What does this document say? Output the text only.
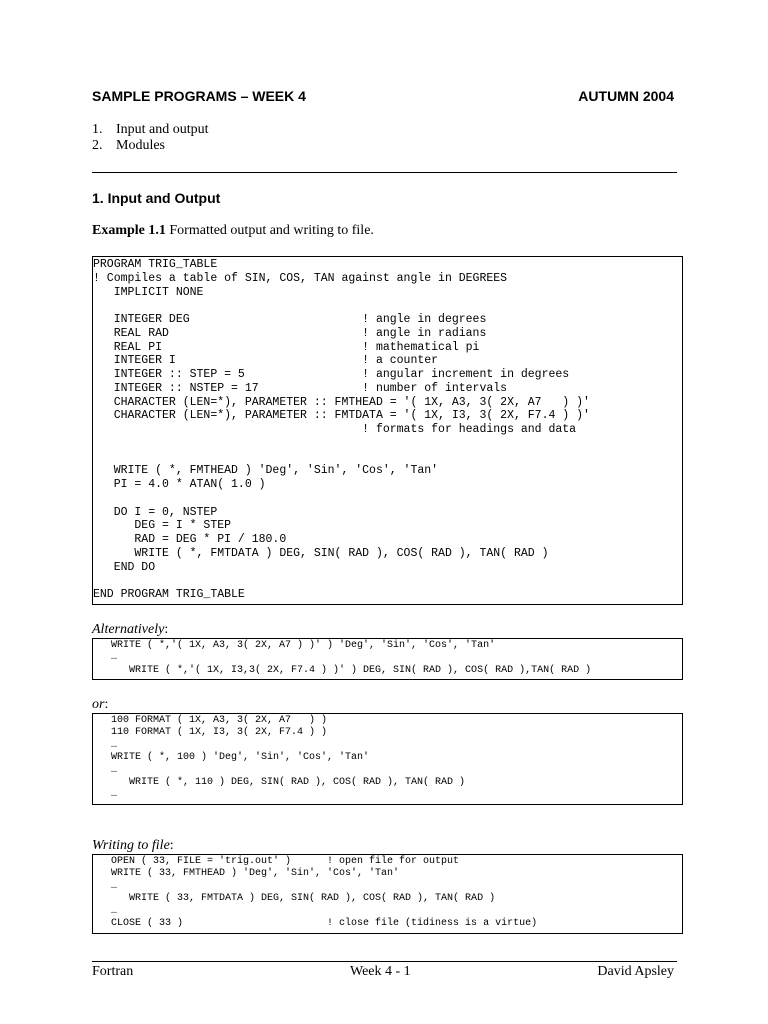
SAMPLE PROGRAMS – WEEK 4	AUTUMN 2004
1. Input and output
2. Modules
1. Input and Output
Example 1.1 Formatted output and writing to file.
PROGRAM TRIG_TABLE
! Compiles a table of SIN, COS, TAN against angle in DEGREES
IMPLICIT NONE

INTEGER DEG                         ! angle in degrees
REAL RAD                            ! angle in radians
REAL PI                             ! mathematical pi
INTEGER I                           ! a counter
INTEGER :: STEP = 5                 ! angular increment in degrees
INTEGER :: NSTEP = 17               ! number of intervals
CHARACTER (LEN=*), PARAMETER :: FMTHEAD = '( 1X, A3, 3( 2X, A7   ) )'
CHARACTER (LEN=*), PARAMETER :: FMTDATA = '( 1X, I3, 3( 2X, F7.4 ) )'
! formats for headings and data

WRITE ( *, FMTHEAD ) 'Deg', 'Sin', 'Cos', 'Tan'
PI = 4.0 * ATAN( 1.0 )

DO I = 0, NSTEP
DEG = I * STEP
RAD = DEG * PI / 180.0
WRITE ( *, FMTDATA ) DEG, SIN( RAD ), COS( RAD ), TAN( RAD )
END DO

END PROGRAM TRIG_TABLE
Alternatively:
WRITE ( *,'( 1X, A3, 3( 2X, A7 ) )' ) 'Deg', 'Sin', 'Cos', 'Tan'
…
WRITE ( *,'( 1X, I3,3( 2X, F7.4 ) )' ) DEG, SIN( RAD ), COS( RAD ),TAN( RAD )
or:
100 FORMAT ( 1X, A3, 3( 2X, A7   ) )
110 FORMAT ( 1X, I3, 3( 2X, F7.4 ) )
…
WRITE ( *, 100 ) 'Deg', 'Sin', 'Cos', 'Tan'
…
WRITE ( *, 110 ) DEG, SIN( RAD ), COS( RAD ), TAN( RAD )
…
Writing to file:
OPEN ( 33, FILE = 'trig.out' )      ! open file for output
WRITE ( 33, FMTHEAD ) 'Deg', 'Sin', 'Cos', 'Tan'
…
WRITE ( 33, FMTDATA ) DEG, SIN( RAD ), COS( RAD ), TAN( RAD )
…
CLOSE ( 33 )                        ! close file (tidiness is a virtue)
Fortran	Week 4 - 1	David Apsley
